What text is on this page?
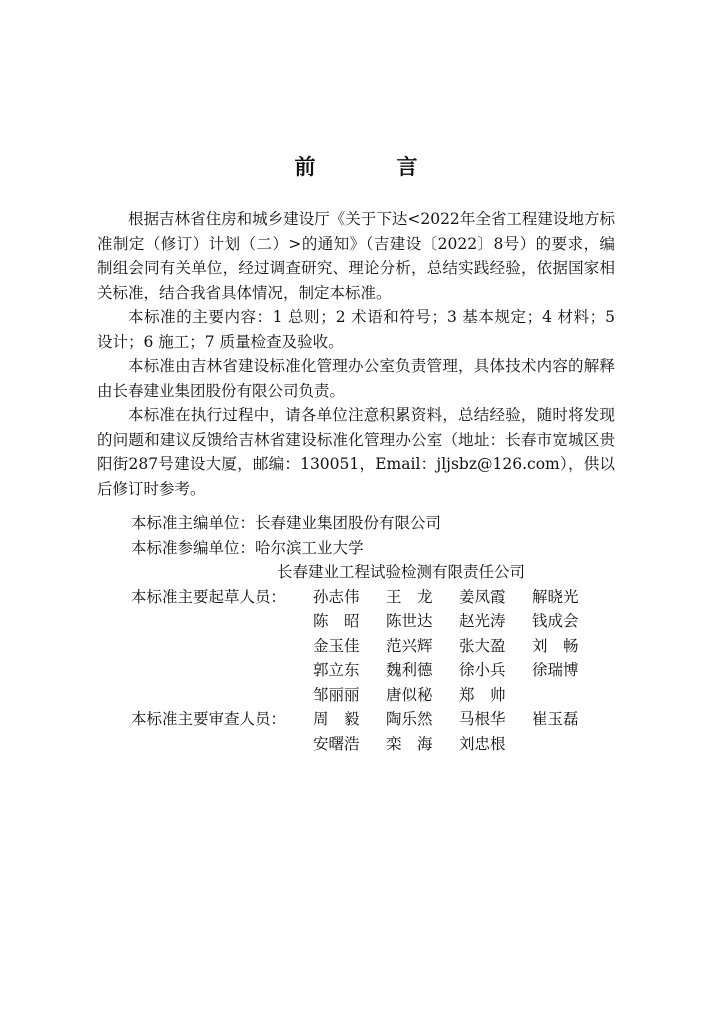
前　言

根据吉林省住房和城乡建设厅《关于下达<2022年全省工程建设地方标准制定（修订）计划（二）>的通知》（吉建设〔2022〕8号）的要求，编制组会同有关单位，经过调查研究、理论分析，总结实践经验，依据国家相关标准，结合我省具体情况，制定本标准。

本标准的主要内容：1 总则；2 术语和符号；3 基本规定；4 材料；5 设计；6 施工；7 质量检查及验收。

本标准由吉林省建设标准化管理办公室负责管理，具体技术内容的解释由长春建业集团股份有限公司负责。

本标准在执行过程中，请各单位注意积累资料，总结经验，随时将发现的问题和建议反馈给吉林省建设标准化管理办公室（地址：长春市宽城区贵阳街287号建设大厦，邮编：130051，Email：jljsbz@126.com），供以后修订时参考。

本标准主编单位： 长春建业集团股份有限公司
本标准参编单位： 哈尔滨工业大学
长春建业工程试验检测有限责任公司
本标准主要起草人员：	孙志伟	王　龙	姜凤霞	解晓光
陈　昭	陈世达	赵光涛	钱成会
金玉佳	范兴辉	张大盈	刘　畅
郭立东	魏利德	徐小兵	徐瑞博
邹丽丽	唐似秘	郑　帅
本标准主要审查人员：	周　毅	陶乐然	马根华	崔玉磊
安曙浩	栾　海	刘忠根
